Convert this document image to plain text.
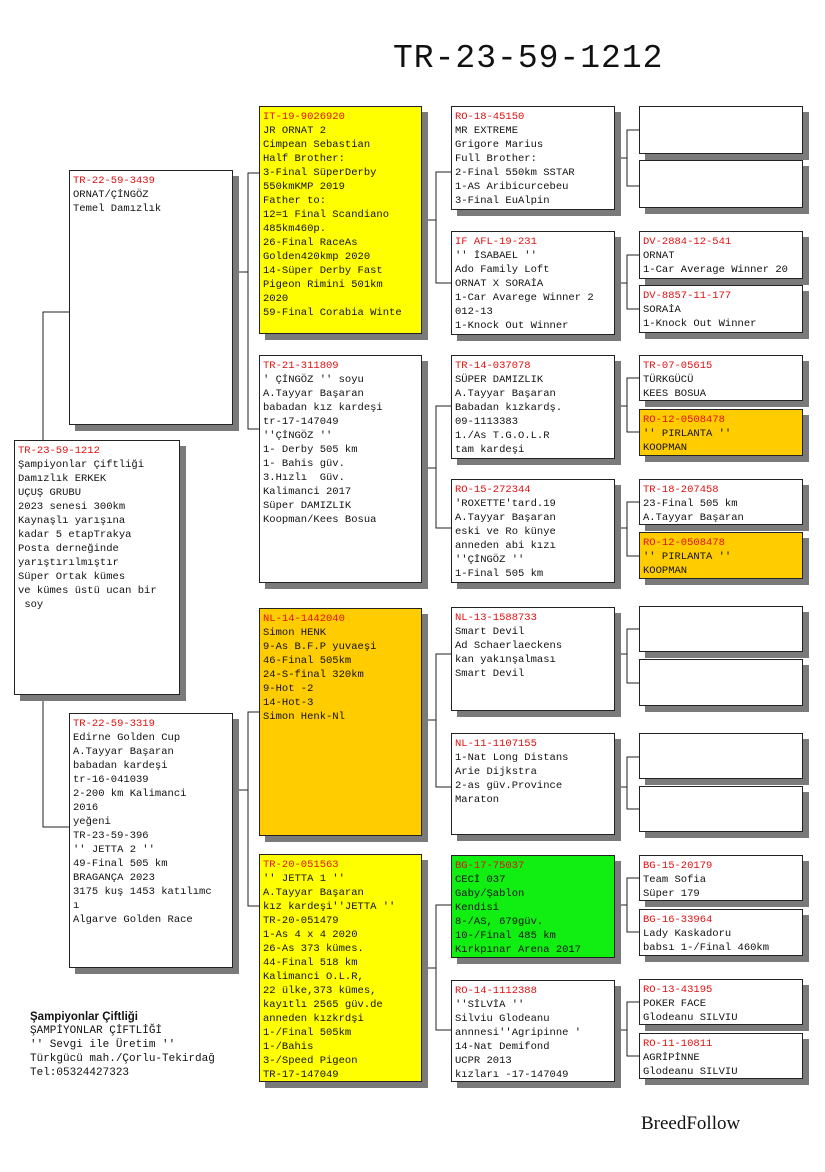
TR-23-59-1212
TR-23-59-1212
Şampiyonlar Çiftliği
Damızlık ERKEK
UÇUŞ GRUBU
2023 senesi 300km
Kaynaşlı yarışına
kadar 5 etapTrakya
Posta derneğinde
yarıştırılmıştır
Süper Ortak kümes
ve kümes üstü ucan bir
soy
TR-22-59-3439
ORNAT/ÇİNGÖZ
Temel Damızlık
TR-22-59-3319
Edirne Golden Cup
A.Tayyar Başaran
babadan kardeşi
tr-16-041039
2-200 km Kalimanci
2016
yeğeni
TR-23-59-396
'' JETTA 2 ''
49-Final 505 km
BRAGANÇA 2023
3175 kuş 1453 katılımc
ı
Algarve Golden Race
IT-19-9026920
JR ORNAT 2
Cimpean Sebastian
Half Brother:
3-Final SüperDerby
550kmKMP 2019
Father to:
12=1 Final Scandiano
485km460p.
26-Final RaceAs
Golden420kmp 2020
14-Süper Derby Fast
Pigeon Rimini 501km
2020
59-Final Corabia Winte
TR-21-311809
' ÇİNGÖZ '' soyu
A.Tayyar Başaran
babadan kız kardeşi
tr-17-147049
''ÇİNGÖZ ''
1- Derby 505 km
1- Bahis güv.
3.Hızlı  Güv.
Kalimanci 2017
Süper DAMIZLIK
Koopman/Kees Bosua
NL-14-1442040
Simon HENK
9-As B.F.P yuvaeşi
46-Final 505km
24-S-final 320km
9-Hot -2
14-Hot-3
Simon Henk-Nl
TR-20-051563
'' JETTA 1 ''
A.Tayyar Başaran
kız kardeşi''JETTA ''
TR-20-051479
1-As 4 x 4 2020
26-As 373 kümes.
44-Final 518 km
Kalimanci O.L.R,
22 ülke,373 kümes,
kayıtlı 2565 güv.de
anneden kızkrdşi
1-/Final 505km
1-/Bahis
3-/Speed Pigeon
TR-17-147049
RO-18-45150
MR EXTREME
Grigore Marius
Full Brother:
2-Final 550km SSTAR
1-AS Aribicurcebeu
3-Final EuAlpin
IF AFL-19-231
'' İSABAEL ''
Ado Family Loft
ORNAT X SORAİA
1-Car Avarege Winner 2
012-13
1-Knock Out Winner
TR-14-037078
SÜPER DAMIZLIK
A.Tayyar Başaran
Babadan kızkardş.
09-1113383
1./As T.G.O.L.R
tam kardeşi
RO-15-272344
'ROXETTE'tard.19
A.Tayyar Başaran
eski ve Ro künye
anneden abi kızı
''ÇİNGÖZ ''
1-Final 505 km
NL-13-1588733
Smart Devil
Ad Schaerlaeckens
kan yakınşalması
Smart Devil
NL-11-1107155
1-Nat Long Distans
Arie Dijkstra
2-as güv.Province
Maraton
BG-17-75037
CECİ 037
Gaby/Şablon
Kendisi
8-/AS, 679güv.
10-/Final 485 km
Kırkpınar Arena 2017
RO-14-1112388
''SİLVİA ''
Silviu Glodeanu
annnesi''Agripinne '
14-Nat Demifond
UCPR 2013
kızları -17-147049
DV-2884-12-541
ORNAT
1-Car Average Winner 20
DV-8857-11-177
SORAİA
1-Knock Out Winner
TR-07-05615
TÜRKGÜCÜ
KEES BOSUA
RO-12-0508478
'' PIRLANTA ''
KOOPMAN
TR-18-207458
23-Final 505 km
A.Tayyar Başaran
RO-12-0508478
'' PIRLANTA ''
KOOPMAN
BG-15-20179
Team Sofia
Süper 179
BG-16-33964
Lady Kaskadoru
babsı 1-/Final 460km
RO-13-43195
POKER FACE
Glodeanu SILVIU
RO-11-10811
AGRİPİNNE
Glodeanu SILVIU
Şampiyonlar Çiftliği
ŞAMPİYONLAR ÇİFTLİĞİ
'' Sevgi ile Üretim ''
Türkgücü mah./Çorlu-Tekirdağ
Tel:05324427323
BreedFollow
